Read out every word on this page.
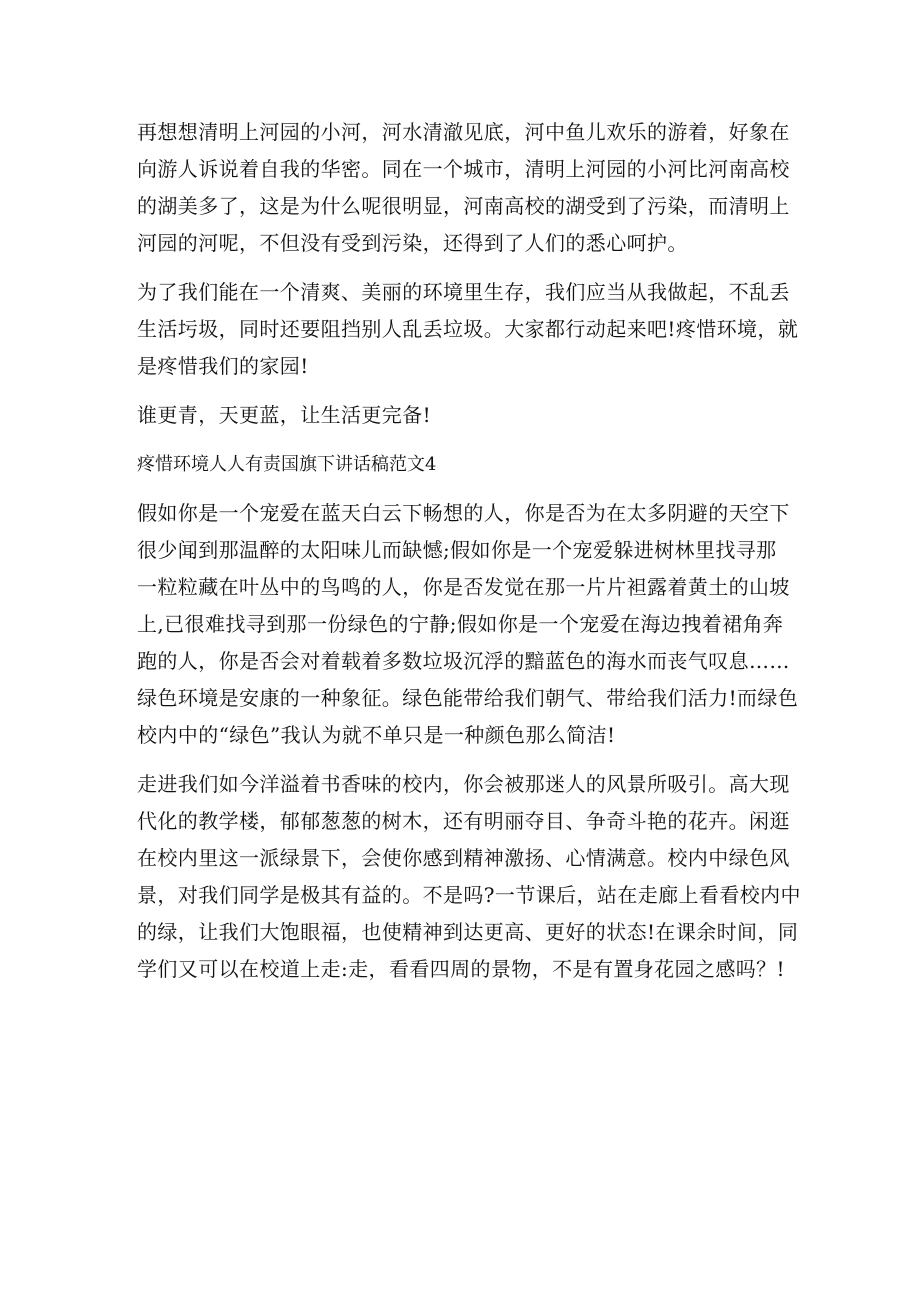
再想想清明上河园的小河，河水清澈见底，河中鱼儿欢乐的游着，好象在
向游人诉说着自我的华密。同在一个城市，清明上河园的小河比河南高校
的湖美多了，这是为什么呢很明显，河南高校的湖受到了污染，而清明上
河园的河呢，不但没有受到污染，还得到了人们的悉心呵护。
为了我们能在一个清爽、美丽的环境里生存，我们应当从我做起，不乱丢
生活圬圾，同时还要阻挡别人乱丢垃圾。大家都行动起来吧!疼惜环境，就
是疼惜我们的家园!
谁更青，天更蓝，让生活更完备!
疼惜环境人人有责国旗下讲话稿范文4
假如你是一个宠爱在蓝天白云下畅想的人，你是否为在太多阴避的天空下
很少闻到那温醉的太阳味儿而缺憾;假如你是一个宠爱躲进树林里找寻那
一粒粒藏在叶丛中的鸟鸣的人，你是否发觉在那一片片袒露着黄土的山坡
上,已很难找寻到那一份绿色的宁静;假如你是一个宠爱在海边拽着裙角奔
跑的人，你是否会对着载着多数垃圾沉浮的黯蓝色的海水而丧气叹息……
绿色环境是安康的一种象征。绿色能带给我们朝气、带给我们活力!而绿色
校内中的“绿色”我认为就不单只是一种颜色那么简洁!
走进我们如今洋溢着书香味的校内，你会被那迷人的风景所吸引。高大现
代化的教学楼，郁郁葱葱的树木，还有明丽夺目、争奇斗艳的花卉。闲逛
在校内里这一派绿景下，会使你感到精神激扬、心情满意。校内中绿色风
景，对我们同学是极其有益的。不是吗?一节课后，站在走廊上看看校内中
的绿，让我们大饱眼福，也使精神到达更高、更好的状态!在课余时间，同
学们又可以在校道上走:走，看看四周的景物，不是有置身花园之感吗？!
